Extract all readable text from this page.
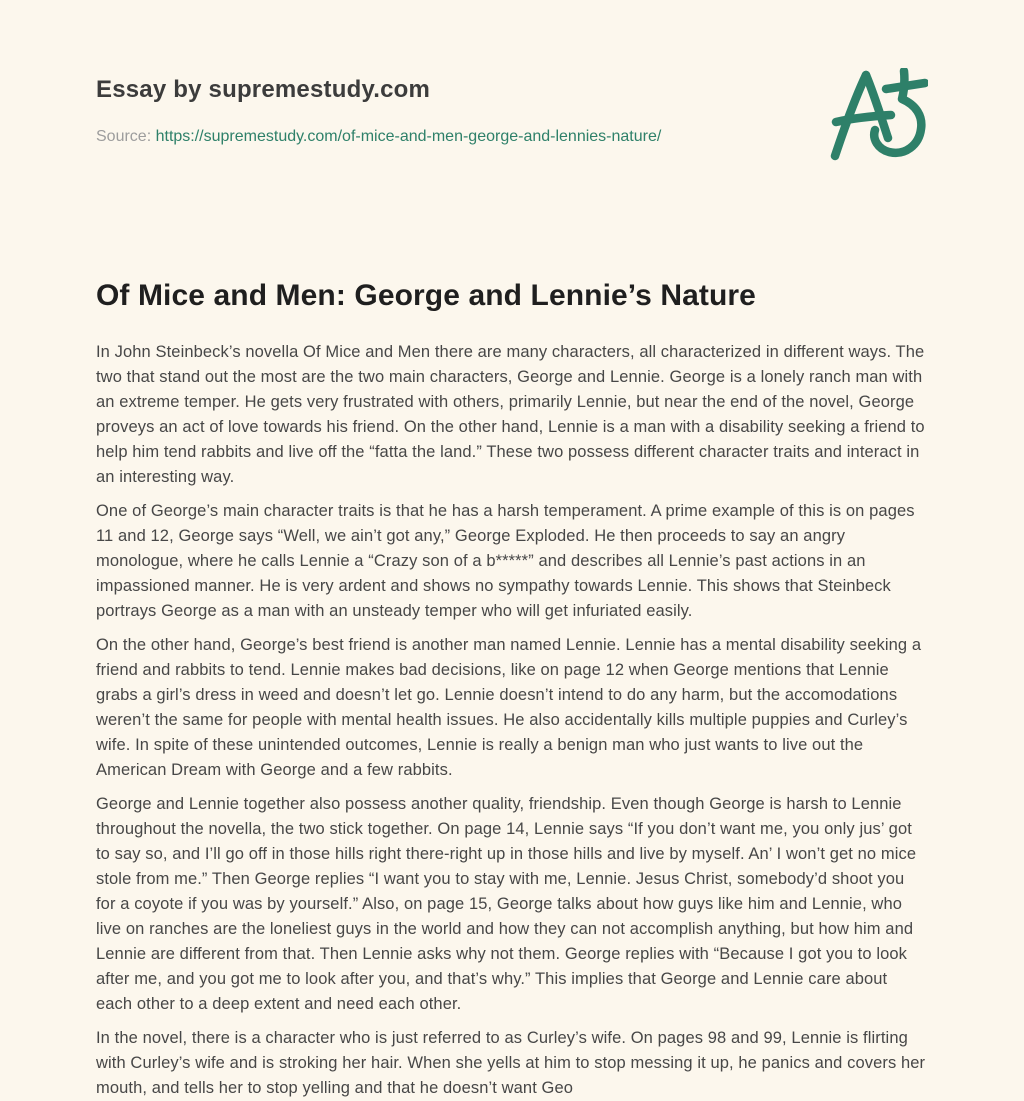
Essay by supremestudy.com
Source: https://supremestudy.com/of-mice-and-men-george-and-lennies-nature/
Of Mice and Men: George and Lennie’s Nature

In John Steinbeck’s novella Of Mice and Men there are many characters, all characterized in different ways. The two that stand out the most are the two main characters, George and Lennie. George is a lonely ranch man with an extreme temper. He gets very frustrated with others, primarily Lennie, but near the end of the novel, George proveys an act of love towards his friend. On the other hand, Lennie is a man with a disability seeking a friend to help him tend rabbits and live off the “fatta the land.” These two possess different character traits and interact in an interesting way.

One of George’s main character traits is that he has a harsh temperament. A prime example of this is on pages 11 and 12, George says “Well, we ain’t got any,” George Exploded. He then proceeds to say an angry monologue, where he calls Lennie a “Crazy son of a b*****” and describes all Lennie’s past actions in an impassioned manner. He is very ardent and shows no sympathy towards Lennie. This shows that Steinbeck portrays George as a man with an unsteady temper who will get infuriated easily.

On the other hand, George’s best friend is another man named Lennie. Lennie has a mental disability seeking a friend and rabbits to tend. Lennie makes bad decisions, like on page 12 when George mentions that Lennie grabs a girl’s dress in weed and doesn’t let go. Lennie doesn’t intend to do any harm, but the accomodations weren’t the same for people with mental health issues. He also accidentally kills multiple puppies and Curley’s wife. In spite of these unintended outcomes, Lennie is really a benign man who just wants to live out the American Dream with George and a few rabbits.

George and Lennie together also possess another quality, friendship. Even though George is harsh to Lennie throughout the novella, the two stick together. On page 14, Lennie says “If you don’t want me, you only jus’ got to say so, and I’ll go off in those hills right there-right up in those hills and live by myself. An’ I won’t get no mice stole from me.” Then George replies “I want you to stay with me, Lennie. Jesus Christ, somebody’d shoot you for a coyote if you was by yourself.” Also, on page 15, George talks about how guys like him and Lennie, who live on ranches are the loneliest guys in the world and how they can not accomplish anything, but how him and Lennie are different from that. Then Lennie asks why not them. George replies with “Because I got you to look after me, and you got me to look after you, and that’s why.” This implies that George and Lennie care about each other to a deep extent and need each other.

In the novel, there is a character who is just referred to as Curley’s wife. On pages 98 and 99, Lennie is flirting with Curley’s wife and is stroking her hair. When she yells at him to stop messing it up, he panics and covers her mouth, and tells her to stop yelling and that he doesn’t want Geo
